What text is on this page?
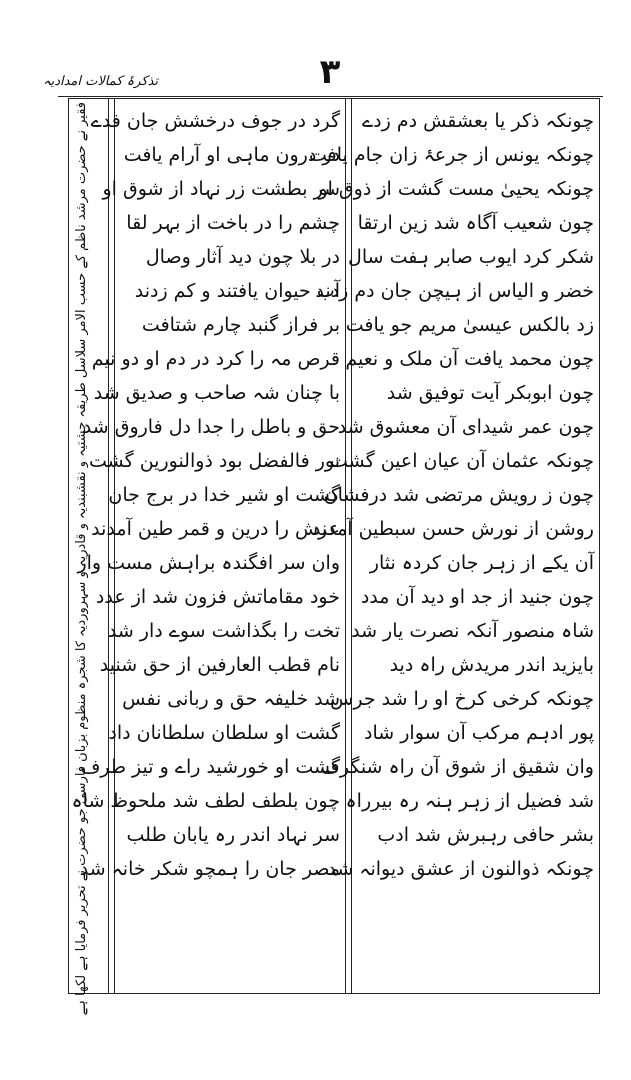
۳
تذکرۂ کمالات امدادیہ
فقیر نے حضرت مرشد ناظم کے حسب الامر سلاسل طریقہ چشتیہ و نقشبندیہ و قادریہ و سہروردیہ کا شجرہ منظوم بزبان فارسی جو حضرت نے تحریر فرمایا ہے لکھا ہے	چونکہ ذکر یا بعشقش دم زدے
چونکہ یونس از جرعۂ زان جام یافت
چونکہ یحییٰ مست گشت از ذوق او
چون شعیب آگاہ شد زین ارتقا
شکر کرد ایوب صابر ہفت سال
خضر و الیاس از ہیچن جان دم زدند
زد بالکس عیسیٰ مریم جو یافت
چون محمد یافت آن ملک و نعیم
چون ابوبکر آیت توفیق شد
چون عمر شیدای آن معشوق شد
چونکہ عثمان آن عیان اعین گشت
چون ز رویش مرتضی شد درفشان
روشن از نورش حسن سبطین آمدند
آن یکے از زہر جان کردہ نثار
چون جنید از جد او دید آن مدد
شاہ منصور آنکہ نصرت یار شد
بایزید اندر مریدش راہ دید
چونکہ کرخی کرخ او را شد جرس
پور ادہم مرکب آن سوار شاد
وان شقیق از شوق آن راہ شنگرف
شد فضیل از زہر ہنہ رہ بیرراہ
بشر حافی رہبرش شد ادب
چونکہ ذوالنون از عشق دیوانہ شد
گرد در جوف درخشش جان فدے
در درون ماہی او آرام یافت
سر بطشت زر نہاد از شوق او
چشم را در باخت از بہر لقا
در بلا چون دید آثار وصال
آب حیوان یافتند و کم زدند
بر فراز گنبد چارم شتافت
قرص مہ را کرد در دم او دو نیم
با چنان شہ صاحب و صدیق شد
حق و باطل را جدا دل فاروق شد
نور فالفضل بود ذوالنورین گشت
گشت او شیر خدا در برج جان
عرش را درین و قمر طین آمدند
وان سر افگندہ براہش مست وار
خود مقاماتش فزون شد از عدد
تخت را بگذاشت سوے دار شد
نام قطب العارفین از حق شنید
شد خلیفہ حق و ربانی نفس
گشت او سلطان سلطانان داد
گشت او خورشید راے و تیز طرف
چون بلطف لطف شد ملحوظ شاہ
سر نہاد اندر رہ یابان طلب
مصر جان را ہمچو شکر خانہ شد
